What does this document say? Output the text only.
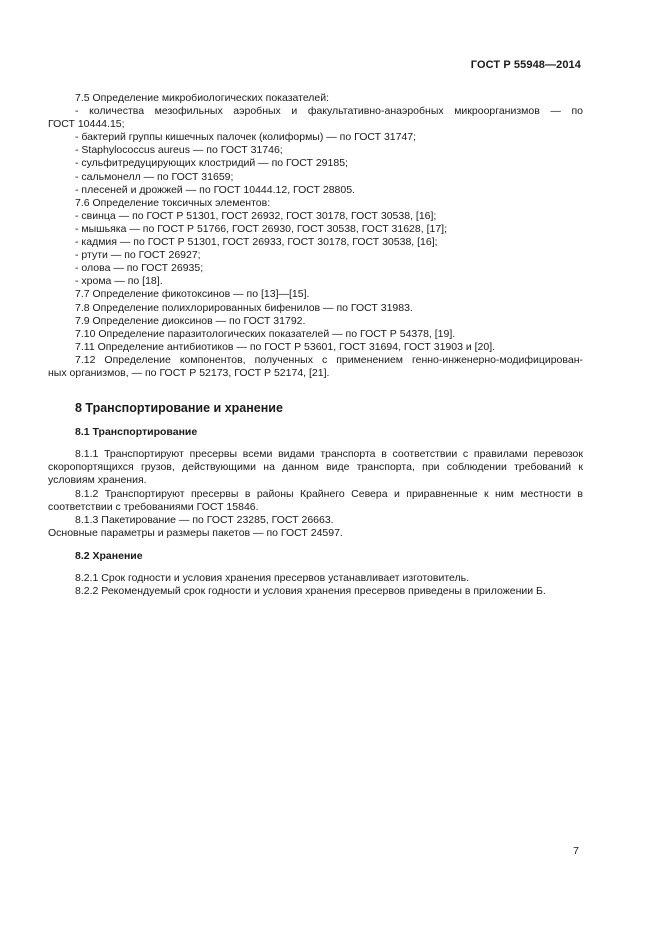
ГОСТ Р 55948—2014

7.5 Определение микробиологических показателей:

- количества мезофильных аэробных и факультативно-анаэробных микроорганизмов — по

ГОСТ 10444.15;

- бактерий группы кишечных палочек (колиформы) — по ГОСТ 31747;

- Staphylococcus aureus — по ГОСТ 31746;

- сульфитредуцирующих клостридий — по ГОСТ 29185;

- сальмонелл — по ГОСТ 31659;

- плесеней и дрожжей — по ГОСТ 10444.12, ГОСТ 28805.

7.6 Определение токсичных элементов:

- свинца — по ГОСТ Р 51301, ГОСТ 26932, ГОСТ 30178, ГОСТ 30538, [16];

- мышьяка — по ГОСТ Р 51766, ГОСТ 26930, ГОСТ 30538, ГОСТ 31628, [17];

- кадмия — по ГОСТ Р 51301, ГОСТ 26933, ГОСТ 30178, ГОСТ 30538, [16];

- ртути — по ГОСТ 26927;

- олова — по ГОСТ 26935;

- хрома — по [18].

7.7 Определение фикотоксинов — по [13]—[15].

7.8 Определение полихлорированных бифенилов — по ГОСТ 31983.

7.9 Определение диоксинов — по ГОСТ 31792.

7.10 Определение паразитологических показателей — по ГОСТ Р 54378, [19].

7.11 Определение антибиотиков — по ГОСТ Р 53601, ГОСТ 31694, ГОСТ 31903 и [20].

7.12 Определение компонентов, полученных с применением генно-инженерно-модифицирован-

ных организмов, — по ГОСТ Р 52173, ГОСТ Р 52174, [21].

8 Транспортирование и хранение
8.1 Транспортирование

8.1.1 Транспортируют пресервы всеми видами транспорта в соответствии с правилами перевозок

скоропортящихся грузов, действующими на данном виде транспорта, при соблюдении требований к

условиям хранения.

8.1.2 Транспортируют пресервы в районы Крайнего Севера и приравненные к ним местности в

соответствии с требованиями ГОСТ 15846.

8.1.3 Пакетирование — по ГОСТ 23285, ГОСТ 26663.

Основные параметры и размеры пакетов — по ГОСТ 24597.

8.2 Хранение

8.2.1 Срок годности и условия хранения пресервов устанавливает изготовитель.

8.2.2 Рекомендуемый срок годности и условия хранения пресервов приведены в приложении Б.

7
